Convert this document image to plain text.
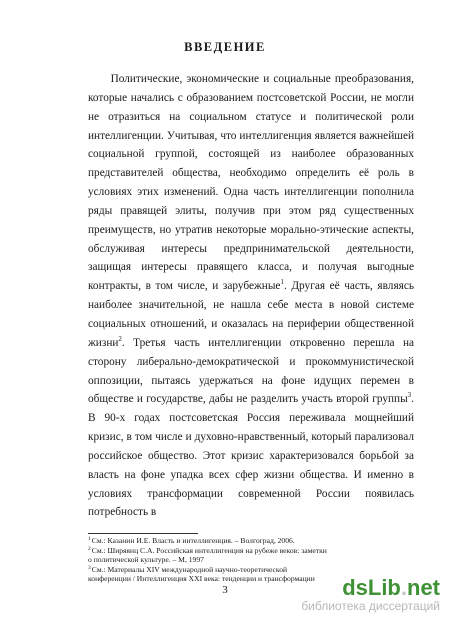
ВВЕДЕНИЕ

  Политические, экономические и социальные преобразования, которые начались с образованием постсоветской России, не могли не отразиться на социальном статусе и политической роли интеллигенции. Учитывая, что интеллигенция является важнейшей социальной группой, состоящей из наиболее образованных представителей общества, необходимо определить её роль в условиях этих изменений. Одна часть интеллигенции пополнила ряды правящей элиты, получив при этом ряд существенных преимуществ, но утратив некоторые морально-этические аспекты, обслуживая интересы предпринимательской деятельности, защищая интересы правящего класса, и получая выгодные контракты, в том числе, и зарубежные$^1$. Другая её часть, являясь наиболее значительной, не нашла себе места в новой системе социальных отношений, и оказалась на периферии общественной жизни$^2$. Третья часть интеллигенции откровенно перешла на сторону либерально-демократической и прокоммунистической оппозиции, пытаясь удержаться на фоне идущих перемен в обществе и государстве, дабы не разделить участь второй группы$^3$. В 90-х годах постсоветская Россия переживала мощнейший кризис, в том числе и духовно-нравственный, который парализовал российское общество. Этот кризис характеризовался борьбой за власть на фоне упадка всех сфер жизни общества. И именно в условиях трансформации современной России появилась потребность в

$^1$См.: Казанин И.Е. Власть и интеллигенция. – Волгоград, 2006.
$^2$См.: Ширяянц С.А. Российская интеллигенция на рубеже веков: заметки о политической культуре. – М, 1997
$^3$См.: Материалы XIV международной научно-теоретической конференции / Интеллигенция XXI века: тенденции и трансформации
3	dsLib.net
библиотека диссертаций
